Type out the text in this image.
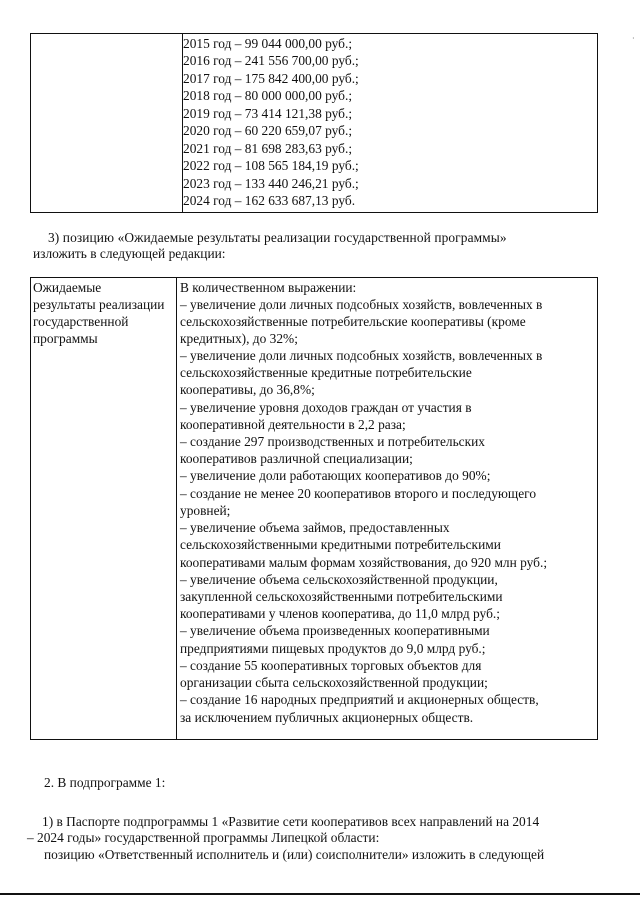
·
2015 год – 99 044 000,00 руб.;
2016 год – 241 556 700,00 руб.;
2017 год – 175 842 400,00 руб.;
2018 год – 80 000 000,00 руб.;
2019 год – 73 414 121,38 руб.;
2020 год – 60 220 659,07 руб.;
2021 год – 81 698 283,63 руб.;
2022 год – 108 565 184,19 руб.;
2023 год – 133 440 246,21 руб.;
2024 год – 162 633 687,13 руб.
3) позицию «Ожидаемые результаты реализации государственной программы»
изложить в следующей редакции:
Ожидаемые
результаты реализации
государственной
программы
В количественном выражении:
– увеличение доли личных подсобных хозяйств, вовлеченных в
сельскохозяйственные потребительские кооперативы (кроме
кредитных), до 32%;
– увеличение доли личных подсобных хозяйств, вовлеченных в
сельскохозяйственные кредитные потребительские
кооперативы, до 36,8%;
– увеличение уровня доходов граждан от участия в
кооперативной деятельности в 2,2 раза;
– создание 297 производственных и потребительских
кооперативов различной специализации;
– увеличение доли работающих кооперативов до 90%;
– создание не менее 20 кооперативов второго и последующего
уровней;
– увеличение объема займов, предоставленных
сельскохозяйственными кредитными потребительскими
кооперативами малым формам хозяйствования, до 920 млн руб.;
– увеличение объема сельскохозяйственной продукции,
закупленной сельскохозяйственными потребительскими
кооперативами у членов кооператива, до 11,0 млрд руб.;
– увеличение объема произведенных кооперативными
предприятиями пищевых продуктов до 9,0 млрд руб.;
– создание 55 кооперативных торговых объектов для
организации сбыта сельскохозяйственной продукции;
– создание 16 народных предприятий и акционерных обществ,
за исключением публичных акционерных обществ.
2. В подпрограмме 1:
1) в Паспорте подпрограммы 1 «Развитие сети кооперативов всех направлений на 2014
– 2024 годы» государственной программы Липецкой области:
позицию «Ответственный исполнитель и (или) соисполнители» изложить в следующей
